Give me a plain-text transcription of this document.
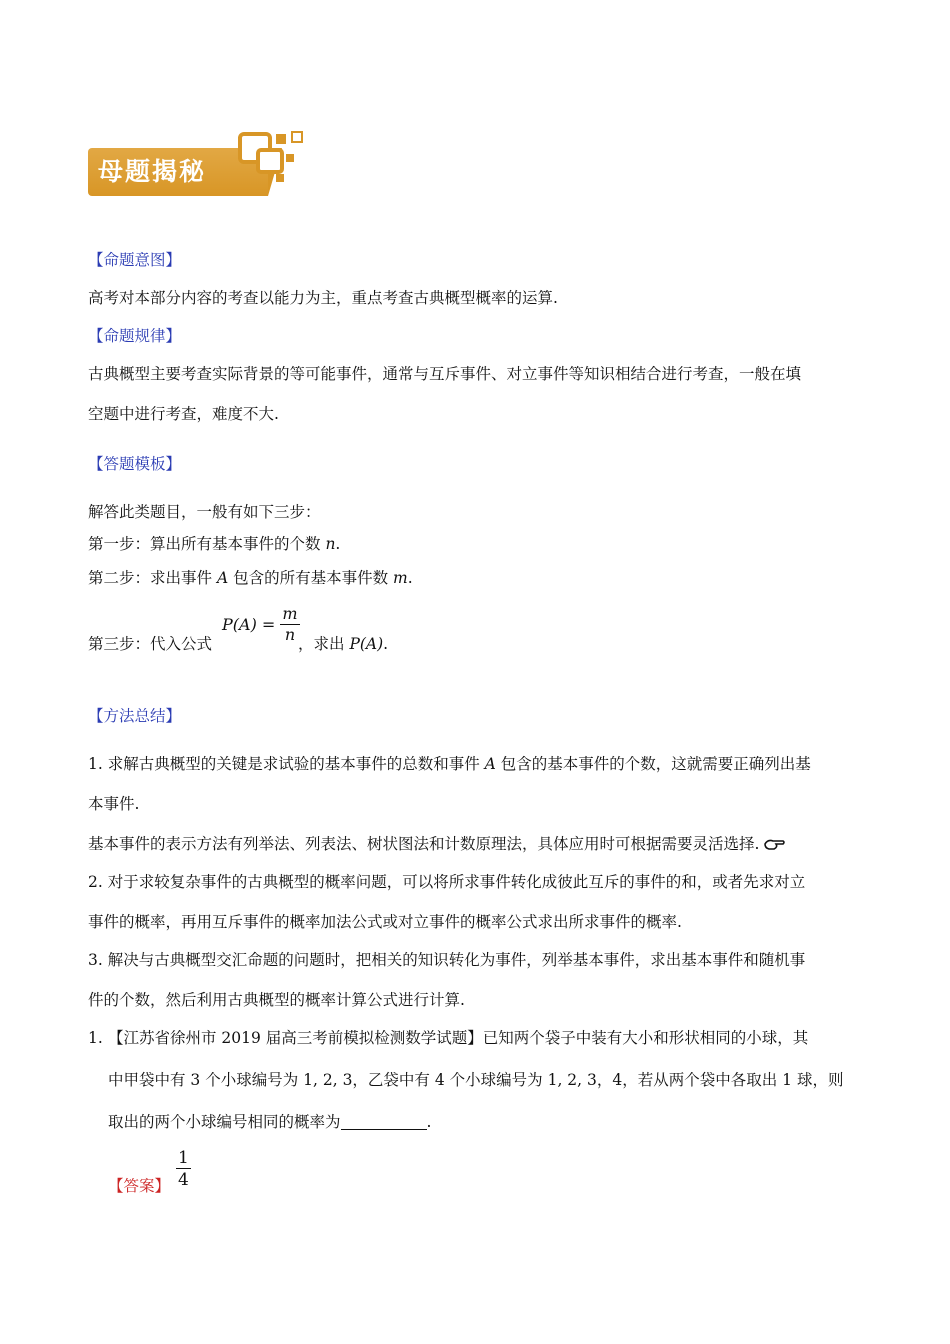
母题揭秘
【命题意图】
高考对本部分内容的考查以能力为主，重点考查古典概型概率的运算.
【命题规律】
古典概型主要考查实际背景的等可能事件，通常与互斥事件、对立事件等知识相结合进行考查，一般在填
空题中进行考查，难度不大.
【答题模板】
解答此类题目，一般有如下三步：
第一步：算出所有基本事件的个数 n.
第二步：求出事件 A 包含的所有基本事件数 m.
第三步：代入公式
$P(A) = \frac{m}{n}$
，求出 P(A).
【方法总结】
1. 求解古典概型的关键是求试验的基本事件的总数和事件 A 包含的基本事件的个数，这就需要正确列出基
本事件.
基本事件的表示方法有列举法、列表法、树状图法和计数原理法，具体应用时可根据需要灵活选择.
2. 对于求较复杂事件的古典概型的概率问题，可以将所求事件转化成彼此互斥的事件的和，或者先求对立
事件的概率，再用互斥事件的概率加法公式或对立事件的概率公式求出所求事件的概率.
3. 解决与古典概型交汇命题的问题时，把相关的知识转化为事件，列举基本事件，求出基本事件和随机事
件的个数，然后利用古典概型的概率计算公式进行计算.
1. 【江苏省徐州市 2019 届高三考前模拟检测数学试题】已知两个袋子中装有大小和形状相同的小球，其
中甲袋中有 3 个小球编号为 1, 2, 3，乙袋中有 4 个小球编号为 1, 2, 3，4，若从两个袋中各取出 1 球，则
取出的两个小球编号相同的概率为	.
【答案】 $\frac{1}{4}$
